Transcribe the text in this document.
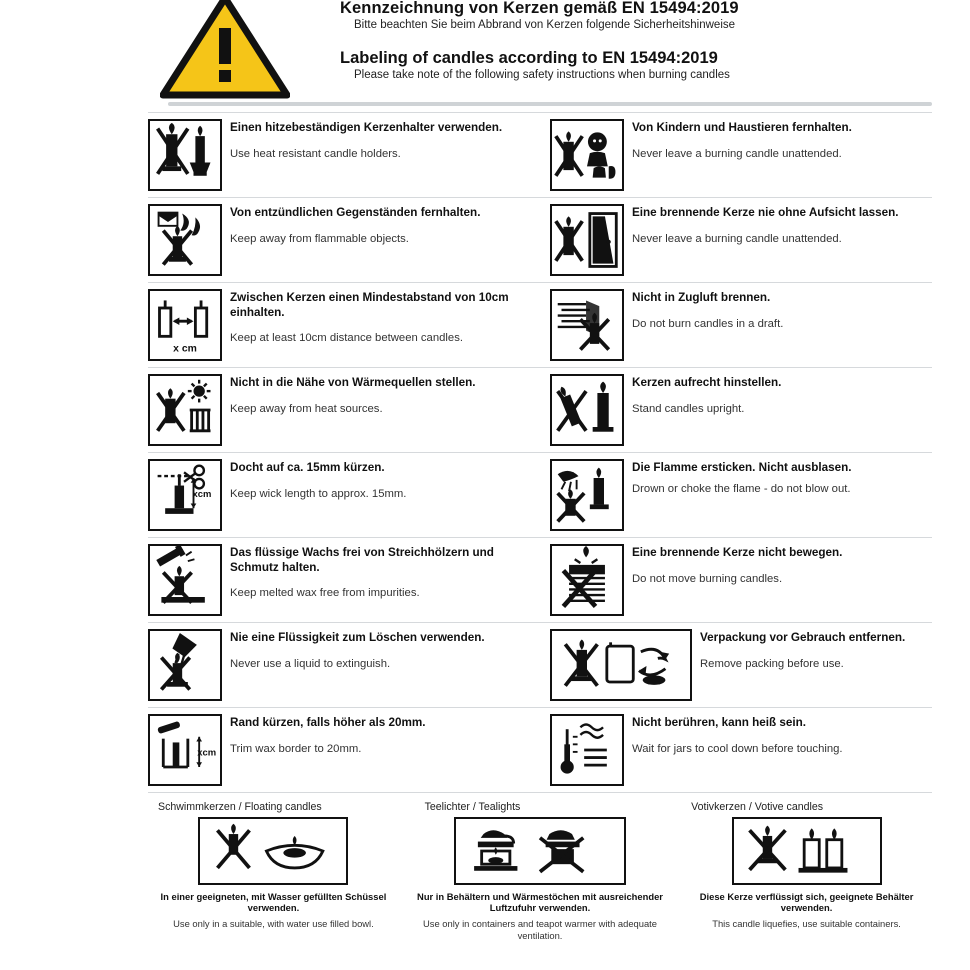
Kennzeichnung von Kerzen gemäß EN 15494:2019
Bitte beachten Sie beim Abbrand von Kerzen folgende Sicherheitshinweise
Labeling of candles according to EN 15494:2019
Please take note of the following safety instructions when burning candles
Einen hitzebeständigen Kerzenhalter verwenden.
Use heat resistant candle holders.
Von Kindern und Haustieren fernhalten.
Never leave a burning candle unattended.
Von entzündlichen Gegenständen fernhalten.
Keep away from flammable objects.
Eine brennende Kerze nie ohne Aufsicht lassen.
Never leave a burning candle unattended.
x cm
Zwischen Kerzen einen Mindestabstand von 10cm einhalten.
Keep at least 10cm distance between candles.
Nicht in Zugluft brennen.
Do not burn candles in a draft.
Nicht in die Nähe von Wärmequellen stellen.
Keep away from heat sources.
Kerzen aufrecht hinstellen.
Stand candles upright.
xcm
Docht auf ca. 15mm kürzen.
Keep wick length to approx. 15mm.
Die Flamme ersticken. Nicht ausblasen.
Drown or choke the flame - do not blow out.
Das flüssige Wachs frei von Streichhölzern und Schmutz halten.
Keep melted wax free from impurities.
Eine brennende Kerze nicht bewegen.
Do not move burning candles.
Nie eine Flüssigkeit zum Löschen verwenden.
Never use a liquid to extinguish.
Verpackung vor Gebrauch entfernen.
Remove packing before use.
xcm
Rand kürzen, falls höher als 20mm.
Trim wax border to 20mm.
Nicht berühren, kann heiß sein.
Wait for jars to cool down before touching.
Schwimmkerzen / Floating candles
In einer geeigneten, mit Wasser gefüllten Schüssel verwenden.
Use only in a suitable, with water use filled bowl.
Teelichter / Tealights
Nur in Behältern und Wärmestöchen mit ausreichender Luftzufuhr verwenden.
Use only in containers and teapot warmer with adequate ventilation.
Votivkerzen / Votive candles
Diese Kerze verflüssigt sich, geeignete Behälter verwenden.
This candle liquefies, use suitable containers.
